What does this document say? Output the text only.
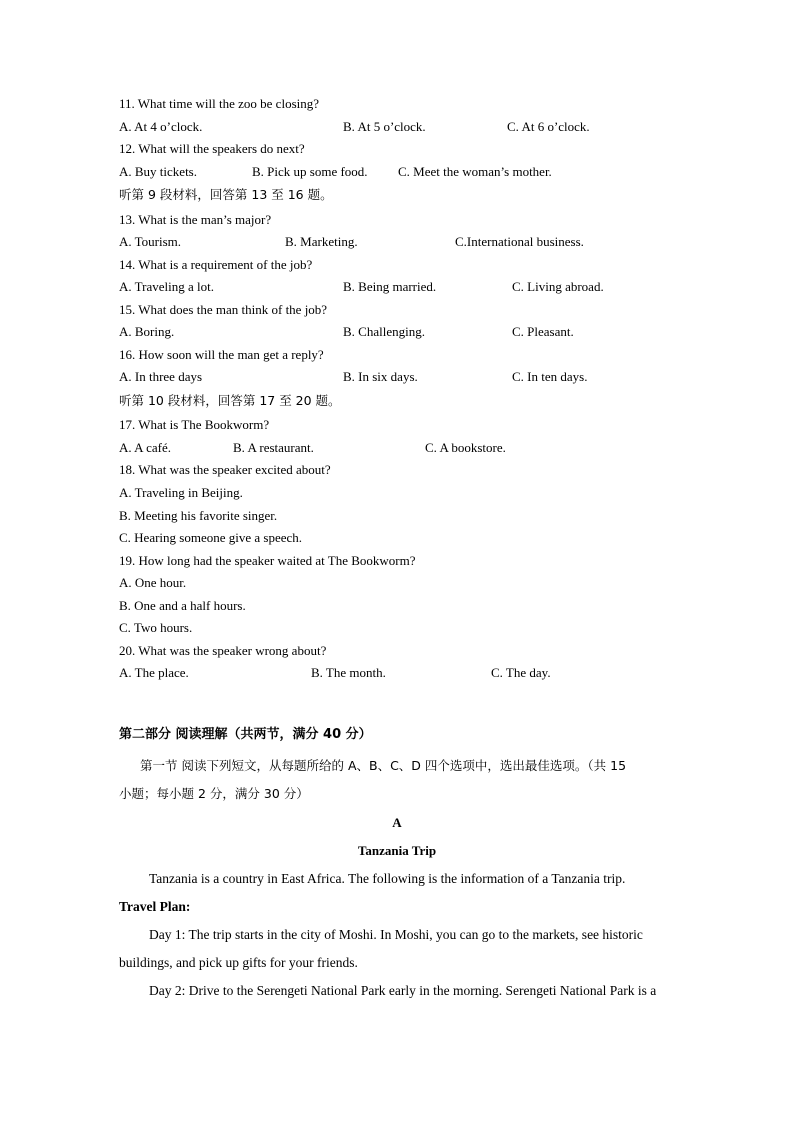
11. What time will the zoo be closing?
A. At 4 o’clock.	B. At 5 o’clock.	C. At 6 o’clock.
12. What will the speakers do next?
A. Buy tickets.	B. Pick up some food. C. Meet the woman’s mother.
听第 9 段材料，回答第 13 至 16 题。
13. What is the man’s major?
A. Tourism.	B. Marketing.	C.International business.
14. What is a requirement of the job?
A. Traveling a lot.	B. Being married.	C. Living abroad.
15. What does the man think of the job?
A. Boring.	B. Challenging.	C. Pleasant.
16. How soon will the man get a reply?
A. In three days	B. In six days.	C. In ten days.
听第 10 段材料，回答第 17 至 20 题。
17. What is The Bookworm?
A. A café.	B. A restaurant.	C. A bookstore.
18. What was the speaker excited about?
A. Traveling in Beijing.
B. Meeting his favorite singer.
C. Hearing someone give a speech.
19. How long had the speaker waited at The Bookworm?
A. One hour.
B. One and a half hours.
C. Two hours.
20. What was the speaker wrong about?
A. The place.	B. The month.	C. The day.
第二部分 阅读理解（共两节，满分 40 分）
第一节 阅读下列短文，从每题所给的 A、B、C、D 四个选项中，选出最佳选项。（共 15
小题；每小题 2 分，满分 30 分）
A
Tanzania Trip
Tanzania is a country in East Africa. The following is the information of a Tanzania trip.
Travel Plan:
Day 1: The trip starts in the city of Moshi. In Moshi, you can go to the markets, see historic
buildings, and pick up gifts for your friends.
Day 2: Drive to the Serengeti National Park early in the morning. Serengeti National Park is a
